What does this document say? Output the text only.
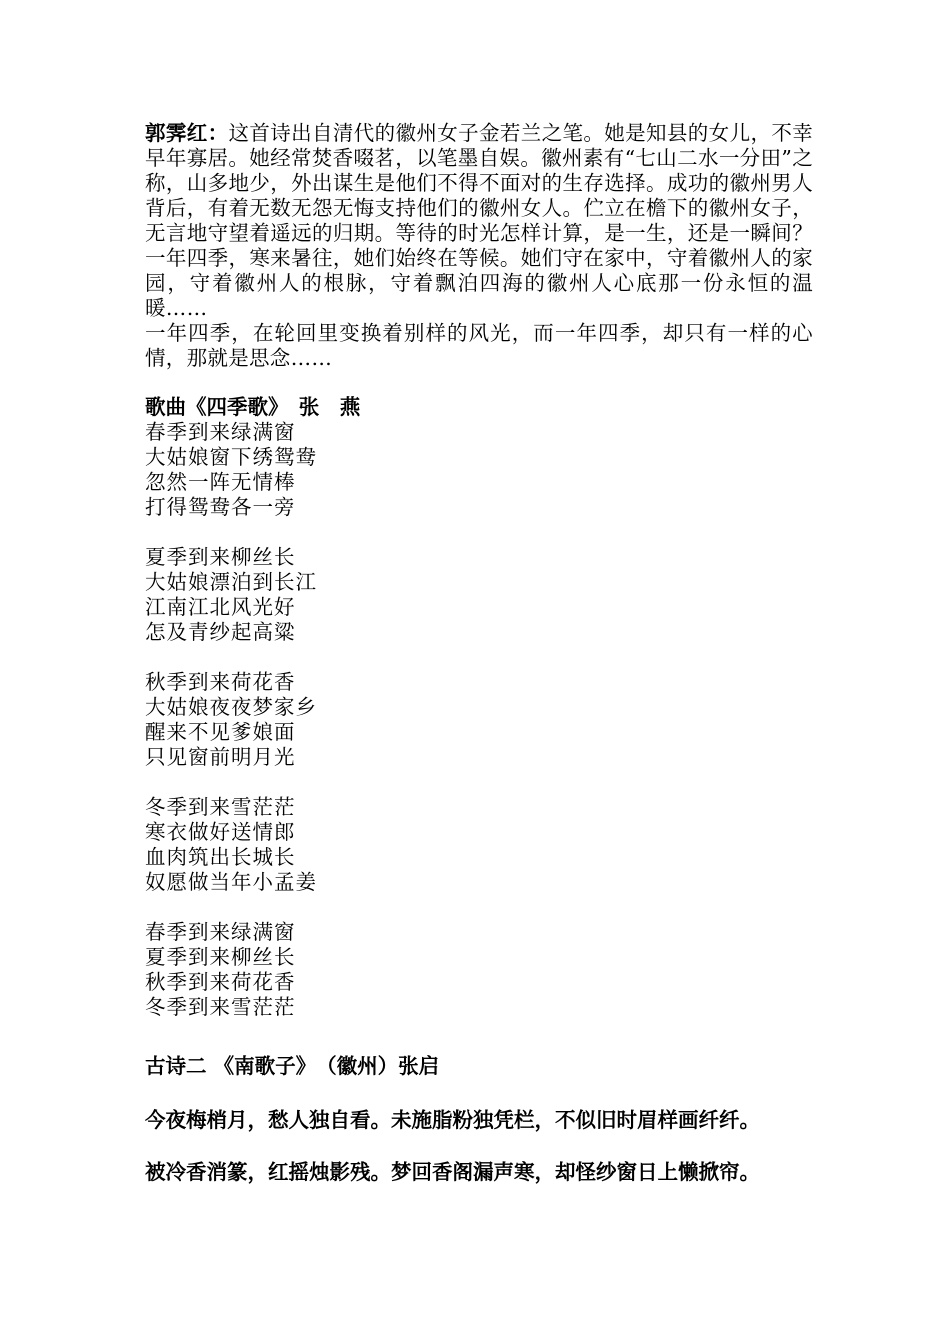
郭霁红：这首诗出自清代的徽州女子金若兰之笔。她是知县的女儿，不幸早年寡居。她经常焚香啜茗，以笔墨自娱。徽州素有“七山二水一分田”之称，山多地少，外出谋生是他们不得不面对的生存选择。成功的徽州男人背后，有着无数无怨无悔支持他们的徽州女人。伫立在檐下的徽州女子，无言地守望着遥远的归期。等待的时光怎样计算，是一生，还是一瞬间？一年四季，寒来暑往，她们始终在等候。她们守在家中，守着徽州人的家园，守着徽州人的根脉，守着飘泊四海的徽州人心底那一份永恒的温暖……

一年四季，在轮回里变换着别样的风光，而一年四季，却只有一样的心情，那就是思念……

歌曲《四季歌》　张　燕
春季到来绿满窗
大姑娘窗下绣鸳鸯
忽然一阵无情棒
打得鸳鸯各一旁
夏季到来柳丝长
大姑娘漂泊到长江
江南江北风光好
怎及青纱起高粱
秋季到来荷花香
大姑娘夜夜梦家乡
醒来不见爹娘面
只见窗前明月光
冬季到来雪茫茫
寒衣做好送情郎
血肉筑出长城长
奴愿做当年小孟姜
春季到来绿满窗
夏季到来柳丝长
秋季到来荷花香
冬季到来雪茫茫
古诗二 《南歌子》　（徽州）张启
今夜梅梢月，愁人独自看。未施脂粉独凭栏，不似旧时眉样画纤纤。
被冷香消篆，红摇烛影残。梦回香阁漏声寒，却怪纱窗日上懒掀帘。
